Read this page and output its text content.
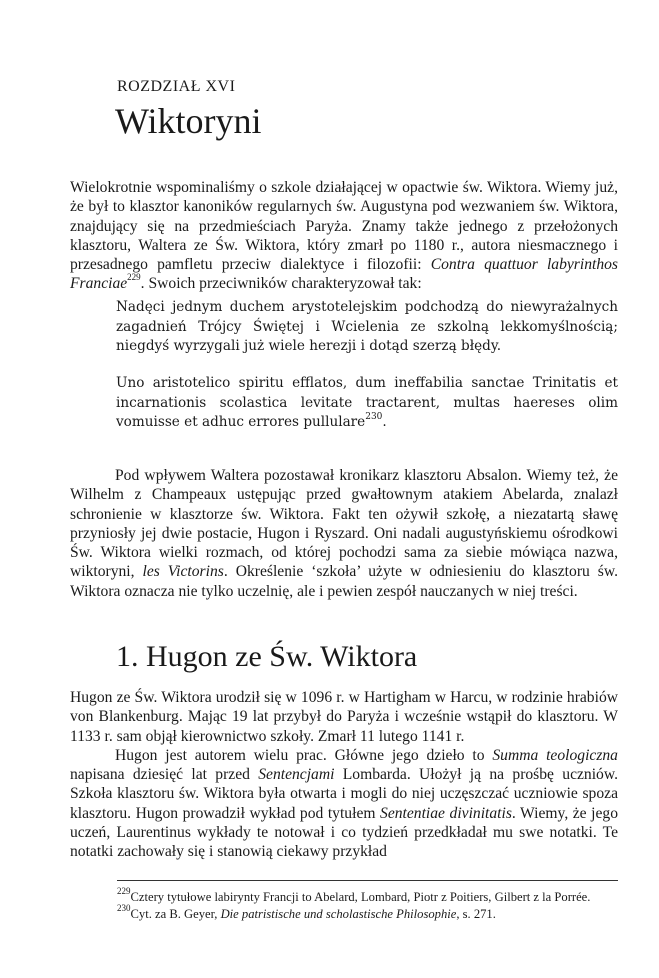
ROZDZIAŁ XVI
Wiktoryni

Wielokrotnie wspominaliśmy o szkole działającej w opactwie św. Wiktora. Wiemy już, że był to klasztor kanoników regularnych św. Augustyna pod wezwaniem św. Wiktora, znajdujący się na przedmieściach Paryża. Znamy także jednego z przełożonych klasztoru, Waltera ze Św. Wiktora, który zmarł po 1180 r., autora niesmacznego i przesadnego pamfletu przeciw dialektyce i filozofii: Contra quattuor labyrinthos Franciae$^{229}$. Swoich przeciwników charakteryzował tak:

Nadęci jednym duchem arystotelejskim podchodzą do niewyrażalnych zagadnień Trójcy Świętej i Wcielenia ze szkolną lekkomyślnością; niegdyś wyrzygali już wiele herezji i dotąd szerzą błędy.

Uno aristotelico spiritu efflatos, dum ineffabilia sanctae Trinitatis et incarnationis scolastica levitate tractarent, multas haereses olim vomuisse et adhuc errores pullulare$^{230}$.

Pod wpływem Waltera pozostawał kronikarz klasztoru Absalon. Wiemy też, że Wilhelm z Champeaux ustępując przed gwałtownym atakiem Abelarda, znalazł schronienie w klasztorze św. Wiktora. Fakt ten ożywił szkołę, a niezatartą sławę przyniosły jej dwie postacie, Hugon i Ryszard. Oni nadali augustyńskiemu ośrodkowi Św. Wiktora wielki rozmach, od której pochodzi sama za siebie mówiąca nazwa, wiktoryni, les Victorins. Określenie ‘szkoła’ użyte w odniesieniu do klasztoru św. Wiktora oznacza nie tylko uczelnię, ale i pewien zespół nauczanych w niej treści.

1. Hugon ze Św. Wiktora

Hugon ze Św. Wiktora urodził się w 1096 r. w Hartigham w Harcu, w rodzinie hrabiów von Blankenburg. Mając 19 lat przybył do Paryża i wcześnie wstąpił do klasztoru. W 1133 r. sam objął kierownictwo szkoły. Zmarł 11 lutego 1141 r.

Hugon jest autorem wielu prac. Główne jego dzieło to Summa teologiczna napisana dziesięć lat przed Sentencjami Lombarda. Ułożył ją na prośbę uczniów. Szkoła klasztoru św. Wiktora była otwarta i mogli do niej uczęszczać uczniowie spoza klasztoru. Hugon prowadził wykład pod tytułem Sententiae divinitatis. Wiemy, że jego uczeń, Laurentinus wykłady te notował i co tydzień przedkładał mu swe notatki. Te notatki zachowały się i stanowią ciekawy przykład

$^{229}$Cztery tytułowe labirynty Francji to Abelard, Lombard, Piotr z Poitiers, Gilbert z la Porrée.

$^{230}$Cyt. za B. Geyer, Die patristische und scholastische Philosophie, s. 271.
